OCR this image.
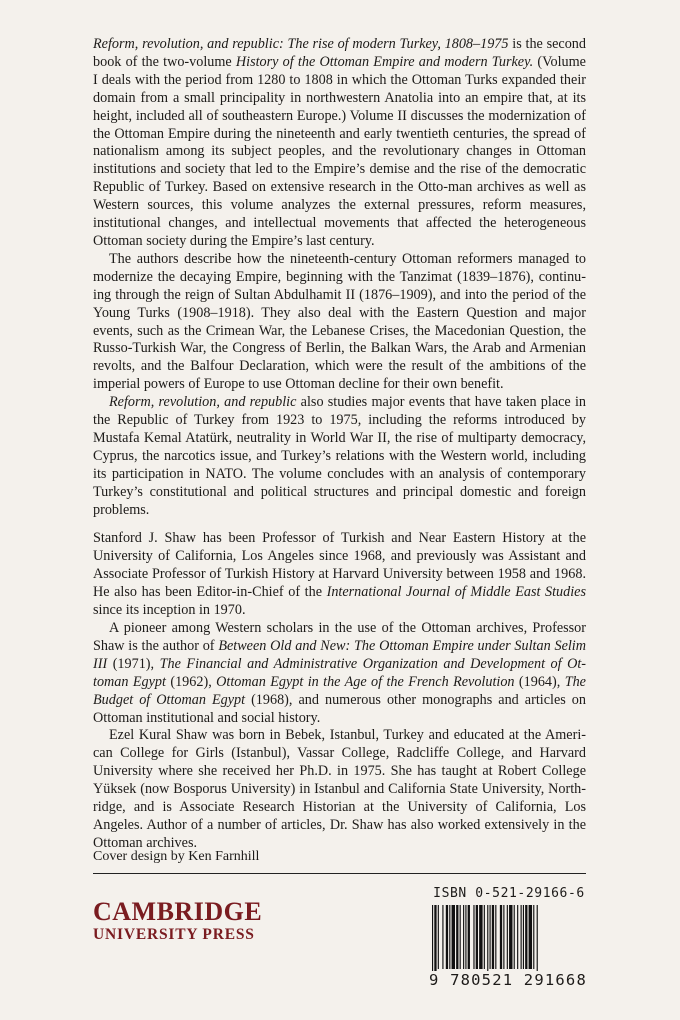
Reform, revolution, and republic: The rise of modern Turkey, 1808–1975 is the second book of the two-volume History of the Ottoman Empire and modern Turkey. (Volume I deals with the period from 1280 to 1808 in which the Ottoman Turks expanded their domain from a small principality in northwestern Anatolia into an empire that, at its height, included all of southeastern Europe.) Volume II discusses the modernization of the Ottoman Empire during the nineteenth and early twentieth centuries, the spread of nationalism among its subject peoples, and the revolutionary changes in Ottoman institutions and society that led to the Empire’s demise and the rise of the democratic Republic of Turkey. Based on extensive research in the Otto-man archives as well as Western sources, this volume analyzes the external pressures, reform measures, institutional changes, and intellectual movements that affected the heterogeneous Ottoman society during the Empire’s last century.

The authors describe how the nineteenth-century Ottoman reformers managed to modernize the decaying Empire, beginning with the Tanzimat (1839–1876), continu-ing through the reign of Sultan Abdulhamit II (1876–1909), and into the period of the Young Turks (1908–1918). They also deal with the Eastern Question and major events, such as the Crimean War, the Lebanese Crises, the Macedonian Question, the Russo-Turkish War, the Congress of Berlin, the Balkan Wars, the Arab and Armenian revolts, and the Balfour Declaration, which were the result of the ambitions of the imperial powers of Europe to use Ottoman decline for their own benefit.

Reform, revolution, and republic also studies major events that have taken place in the Republic of Turkey from 1923 to 1975, including the reforms introduced by Mustafa Kemal Atatürk, neutrality in World War II, the rise of multiparty democracy, Cyprus, the narcotics issue, and Turkey’s relations with the Western world, including its participation in NATO. The volume concludes with an analysis of contemporary Turkey’s constitutional and political structures and principal domestic and foreign problems.

Stanford J. Shaw has been Professor of Turkish and Near Eastern History at the University of California, Los Angeles since 1968, and previously was Assistant and Associate Professor of Turkish History at Harvard University between 1958 and 1968. He also has been Editor-in-Chief of the International Journal of Middle East Studies since its inception in 1970.

A pioneer among Western scholars in the use of the Ottoman archives, Professor Shaw is the author of Between Old and New: The Ottoman Empire under Sultan Selim III (1971), The Financial and Administrative Organization and Development of Ot-toman Egypt (1962), Ottoman Egypt in the Age of the French Revolution (1964), The Budget of Ottoman Egypt (1968), and numerous other monographs and articles on Ottoman institutional and social history.

Ezel Kural Shaw was born in Bebek, Istanbul, Turkey and educated at the Ameri-can College for Girls (Istanbul), Vassar College, Radcliffe College, and Harvard University where she received her Ph.D. in 1975. She has taught at Robert College Yüksek (now Bosporus University) in Istanbul and California State University, North-ridge, and is Associate Research Historian at the University of California, Los Angeles. Author of a number of articles, Dr. Shaw has also worked extensively in the Ottoman archives.

Cover design by Ken Farnhill
CAMBRIDGE
UNIVERSITY PRESS
ISBN 0-521-29166-6
9 780521 291668
